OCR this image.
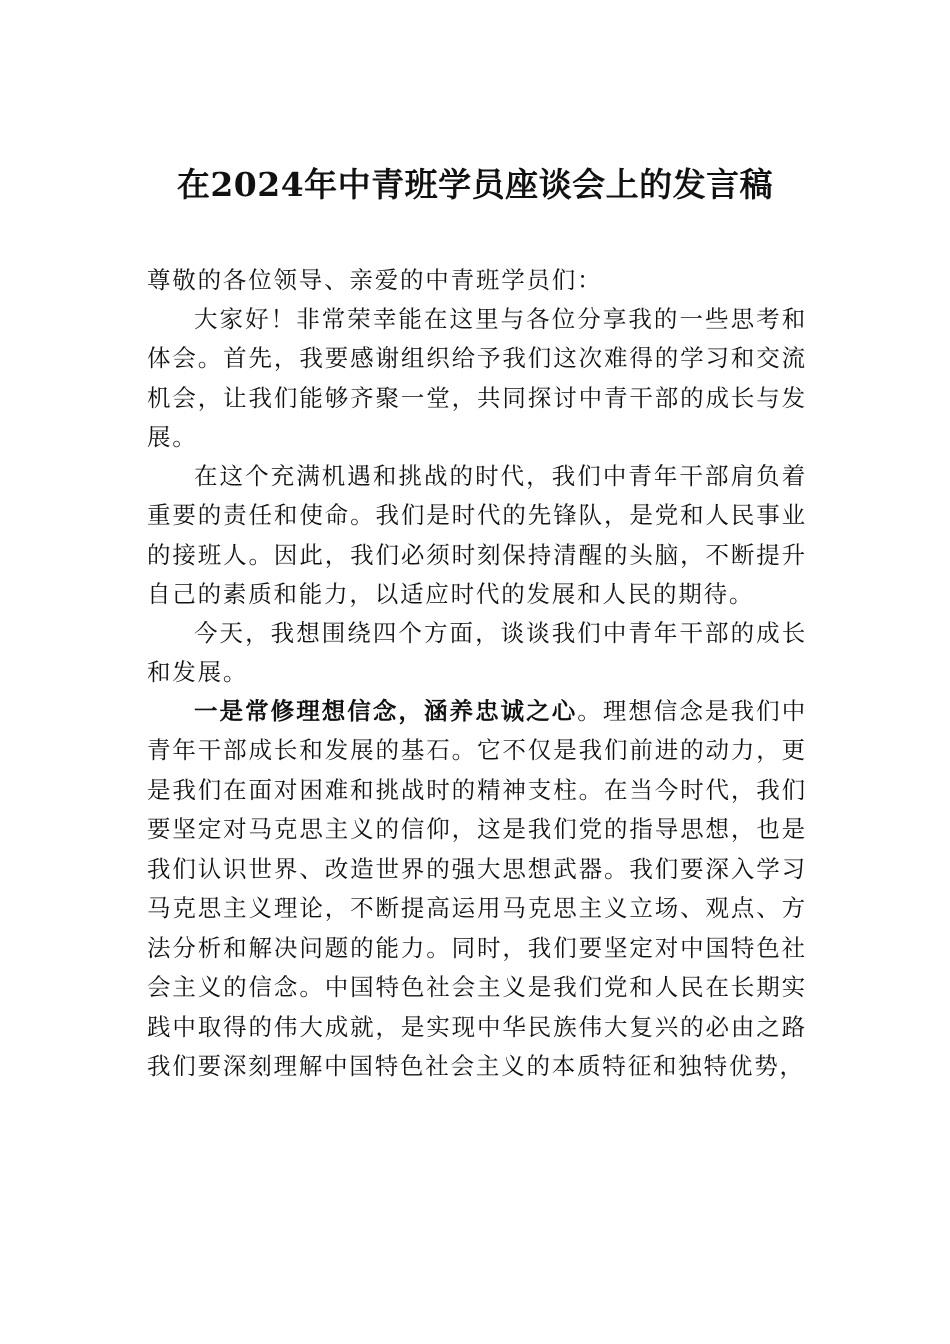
在2024年中青班学员座谈会上的发言稿

尊敬的各位领导、亲爱的中青班学员们：

大家好！非常荣幸能在这里与各位分享我的一些思考和体会。首先，我要感谢组织给予我们这次难得的学习和交流机会，让我们能够齐聚一堂，共同探讨中青干部的成长与发展。

在这个充满机遇和挑战的时代，我们中青年干部肩负着重要的责任和使命。我们是时代的先锋队，是党和人民事业的接班人。因此，我们必须时刻保持清醒的头脑，不断提升自己的素质和能力，以适应时代的发展和人民的期待。

今天，我想围绕四个方面，谈谈我们中青年干部的成长和发展。

一是常修理想信念，涵养忠诚之心。理想信念是我们中青年干部成长和发展的基石。它不仅是我们前进的动力，更是我们在面对困难和挑战时的精神支柱。在当今时代，我们要坚定对马克思主义的信仰，这是我们党的指导思想，也是我们认识世界、改造世界的强大思想武器。我们要深入学习马克思主义理论，不断提高运用马克思主义立场、观点、方法分析和解决问题的能力。同时，我们要坚定对中国特色社会主义的信念。中国特色社会主义是我们党和人民在长期实践中取得的伟大成就，是实现中华民族伟大复兴的必由之路我们要深刻理解中国特色社会主义的本质特征和独特优势，
